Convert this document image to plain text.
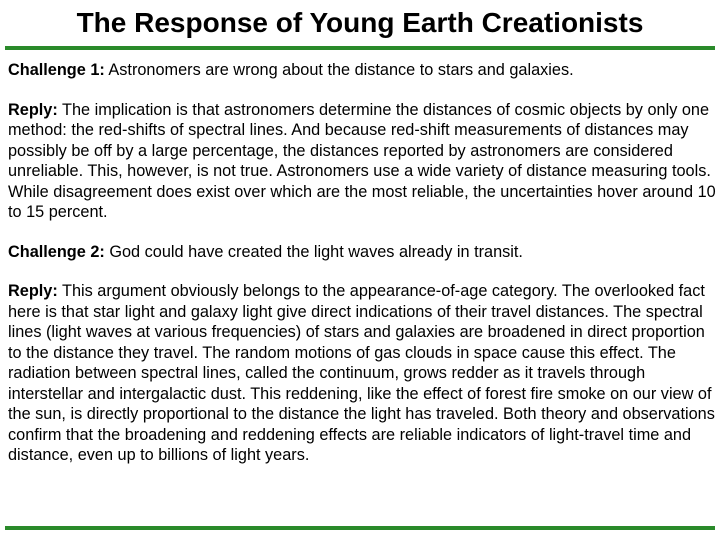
The Response of Young Earth Creationists

Challenge 1: Astronomers are wrong about the distance to stars and galaxies.

Reply: The implication is that astronomers determine the distances of cosmic objects by only one method: the red-shifts of spectral lines. And because red-shift measurements of distances may possibly be off by a large percentage, the distances reported by astronomers are considered unreliable. This, however, is not true. Astronomers use a wide variety of distance measuring tools. While disagreement does exist over which are the most reliable, the uncertainties hover around 10 to 15 percent.

Challenge 2: God could have created the light waves already in transit.

Reply: This argument obviously belongs to the appearance-of-age category. The overlooked fact here is that star light and galaxy light give direct indications of their travel distances. The spectral lines (light waves at various frequencies) of stars and galaxies are broadened in direct proportion to the distance they travel. The random motions of gas clouds in space cause this effect. The radiation between spectral lines, called the continuum, grows redder as it travels through interstellar and intergalactic dust. This reddening, like the effect of forest fire smoke on our view of the sun, is directly proportional to the distance the light has traveled. Both theory and observations confirm that the broadening and reddening effects are reliable indicators of light-travel time and distance, even up to billions of light years.
